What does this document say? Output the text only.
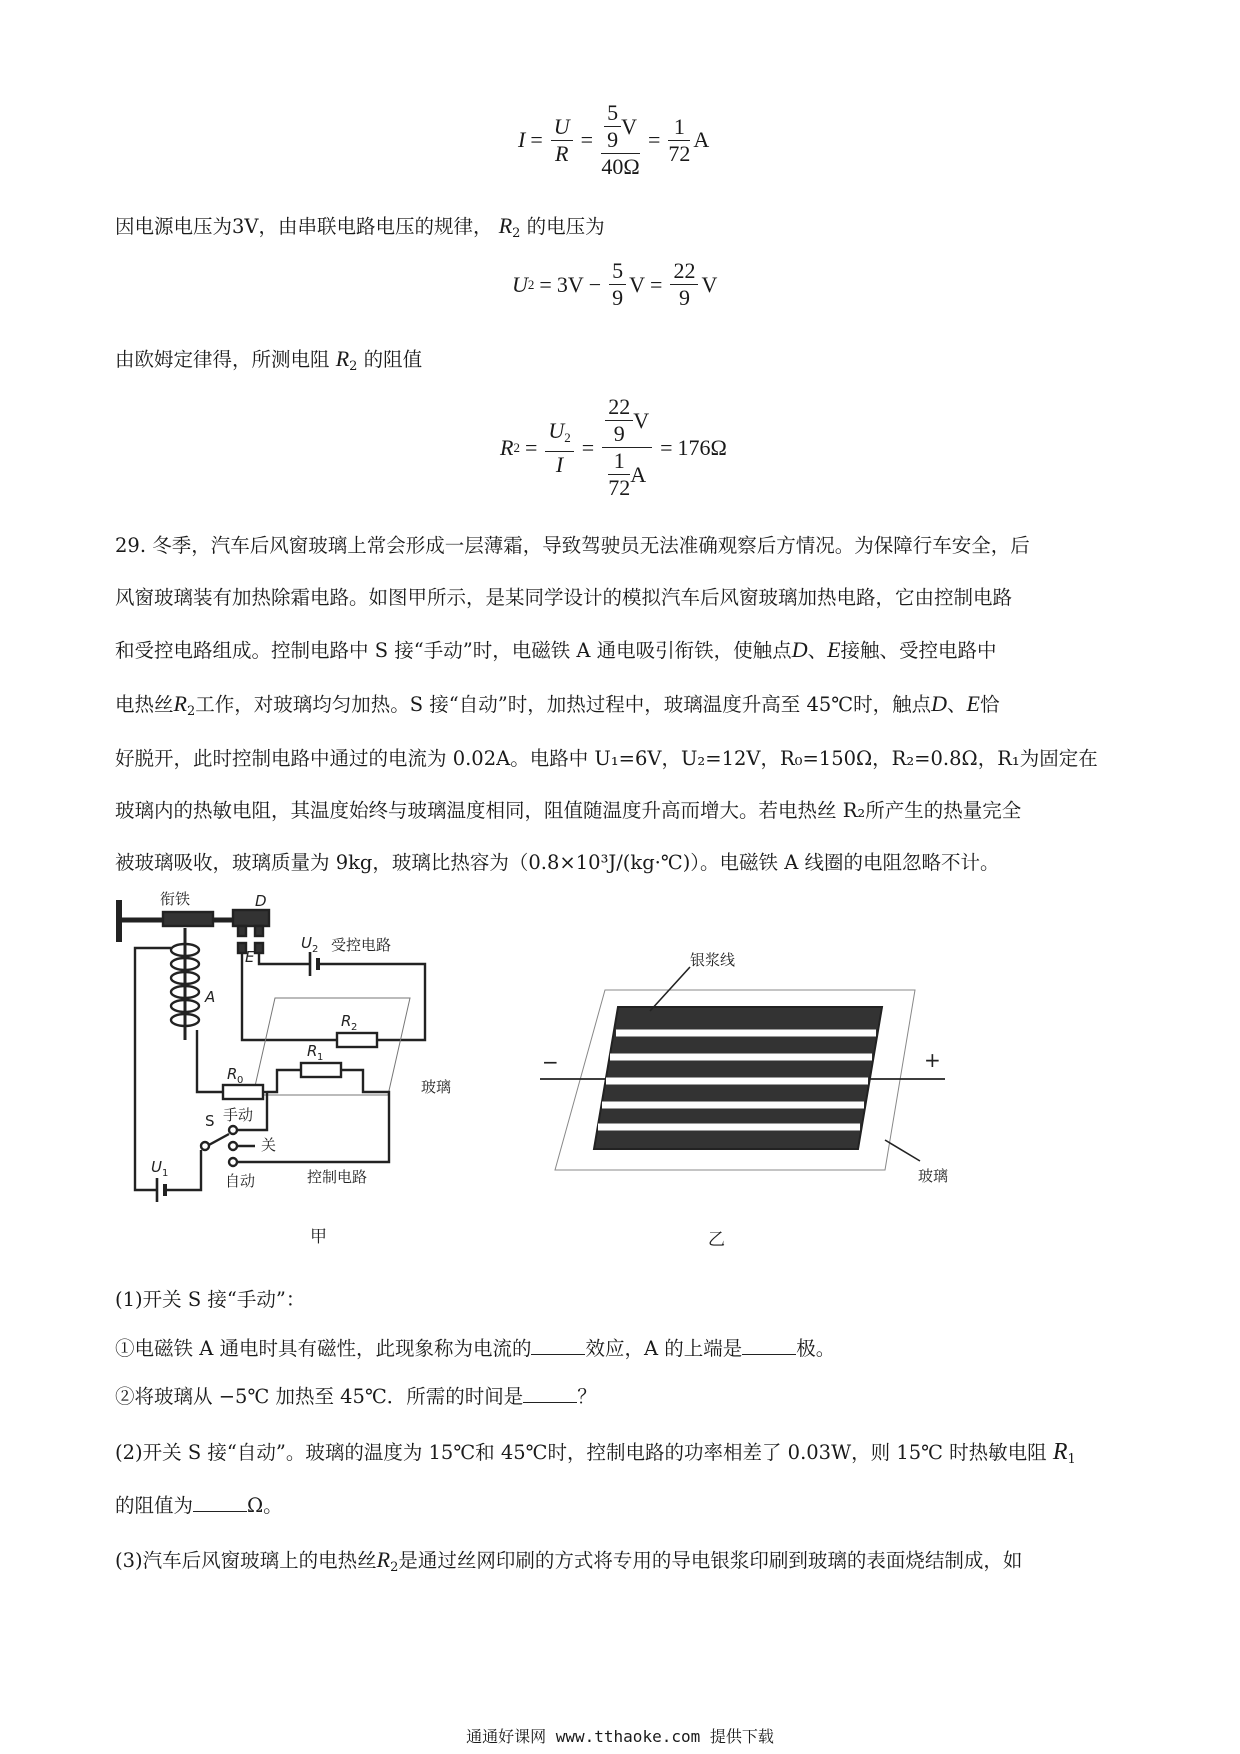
$I = \frac{U}{R} = \frac{\frac{5}{9} V}{40\Omega} = \frac{1}{72}$ A
因电源电压为3V，由串联电路电压的规律， $R_2$ 的电压为
U $2 = 3V - \frac{5}{9}$ $V = \frac{22}{9}$ V
由欧姆定律得，所测电阻 $R_2$ 的阻值
R $2 = \frac{U_2}{I} = \frac{\frac{22}{9} V}{\frac{1}{72} A} = 176\Omega$
29. 冬季，汽车后风窗玻璃上常会形成一层薄霜，导致驾驶员无法准确观察后方情况。为保障行车安全，后
风窗玻璃装有加热除霜电路。如图甲所示，是某同学设计的模拟汽车后风窗玻璃加热电路，它由控制电路
和受控电路组成。控制电路中 S 接“手动”时，电磁铁 A 通电吸引衔铁，使触点D、E接触、受控电路中
电热丝$R_2$工作，对玻璃均匀加热。S 接“自动”时，加热过程中，玻璃温度升高至 45℃时，触点D、E恰
好脱开，此时控制电路中通过的电流为 0.02A。电路中 U₁=6V，U₂=12V，R₀=150Ω，R₂=0.8Ω，R₁为固定在
玻璃内的热敏电阻，其温度始终与玻璃温度相同，阻值随温度升高而增大。若电热丝 R₂所产生的热量完全
被玻璃吸收，玻璃质量为 9kg，玻璃比热容为（0.8×10³J/(kg·℃)）。电磁铁 A 线圈的电阻忽略不计。
衔铁	D
E
U 2 受控电路
A
R 2
R 1
R 0	玻璃
S 手动
关
自动
U 1	控制电路
甲
银浆线
−	+
玻璃
乙
(1)开关 S 接“手动”：
①电磁铁 A 通电时具有磁性，此现象称为电流的	效应，A 的上端是	极。
②将玻璃从 −5℃ 加热至 45℃．所需的时间是	？
(2)开关 S 接“自动”。玻璃的温度为 15℃和 45℃时，控制电路的功率相差了 0.03W，则 15℃ 时热敏电阻 $R_1$
的阻值为	Ω。
(3)汽车后风窗玻璃上的电热丝$R_2$是通过丝网印刷的方式将专用的导电银浆印刷到玻璃的表面烧结制成，如
通通好课网 www.tthaoke.com 提供下载
